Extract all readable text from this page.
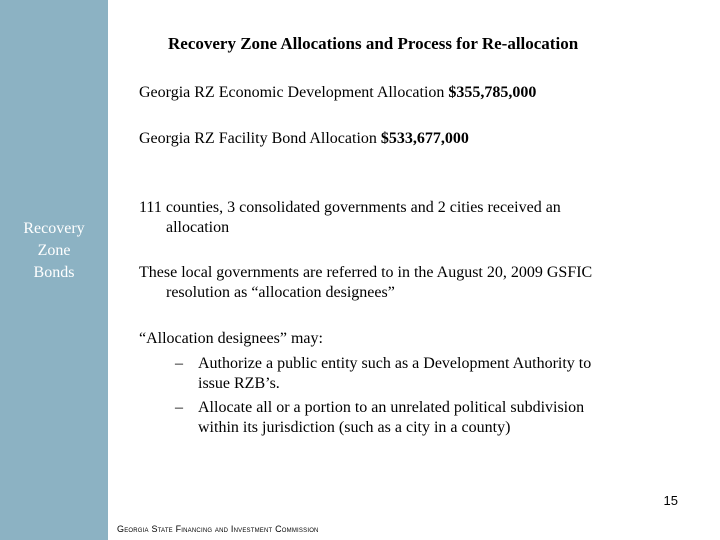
Recovery
Zone
Bonds
Recovery Zone Allocations and Process for Re-allocation
Georgia RZ Economic Development Allocation $355,785,000
Georgia RZ Facility Bond Allocation $533,677,000
111 counties, 3 consolidated governments and 2 cities received an
allocation
These local governments are referred to in the August 20, 2009 GSFIC
resolution as “allocation designees”
“Allocation designees” may:
– Authorize a public entity such as a Development Authority to
issue RZB’s.
– Allocate all or a portion to an unrelated political subdivision
within its jurisdiction (such as a city in a county)
15
Georgia State Financing and Investment Commission
